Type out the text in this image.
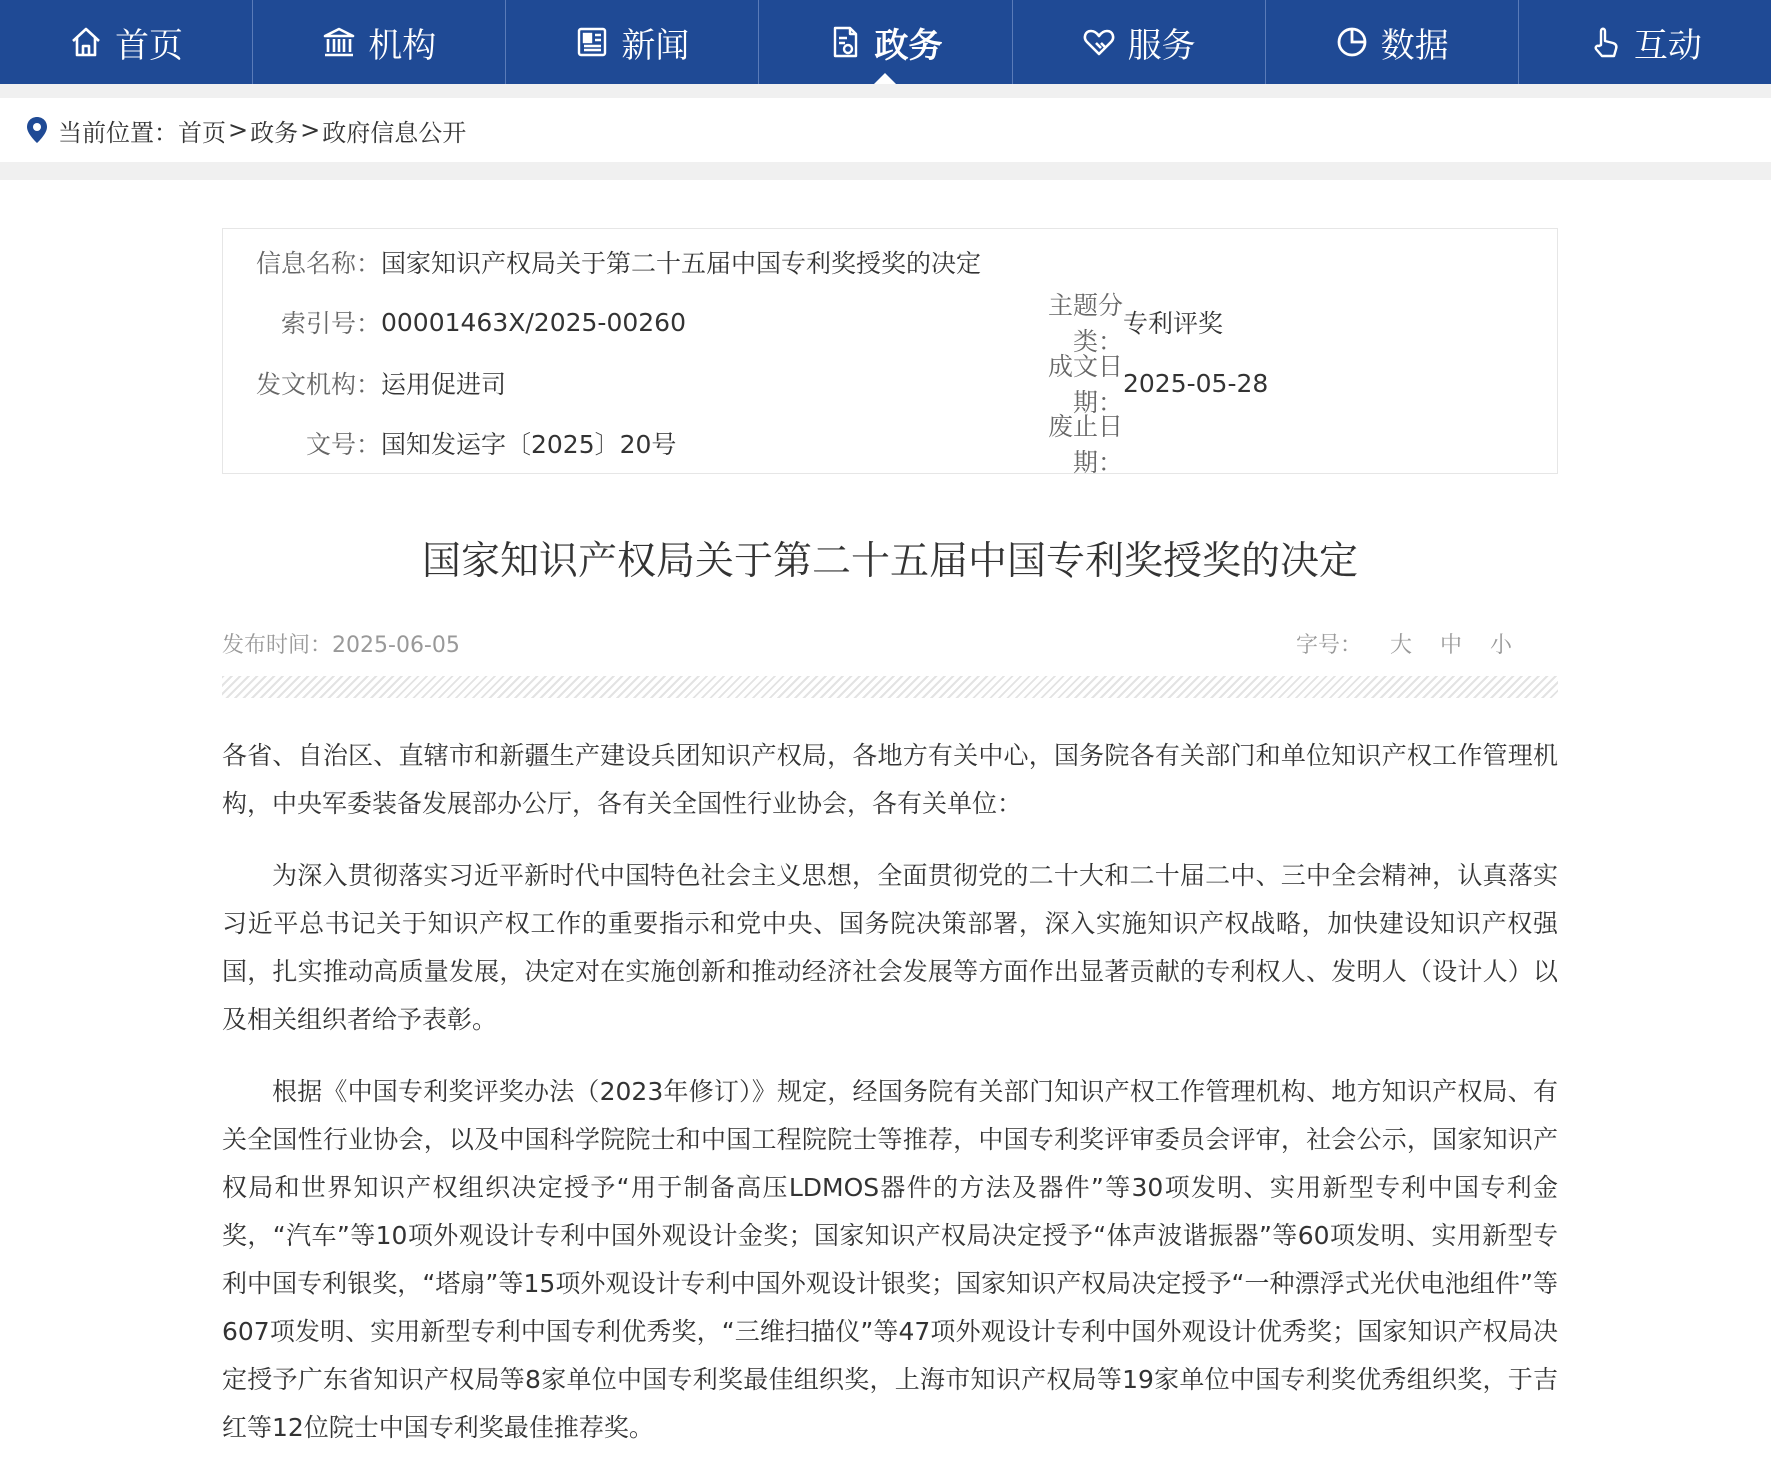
首页	机构	新闻	政务	服务	数据	互动
当前位置： 首页 > 政务 > 政府信息公开
信息名称： 国家知识产权局关于第二十五届中国专利奖授奖的决定
索引号： 00001463X/2025-00260
主题分类：
专利评奖
发文机构： 运用促进司
成文日期：
2025-05-28
文号： 国知发运字〔2025〕20号
废止日期：
国家知识产权局关于第二十五届中国专利奖授奖的决定
发布时间：2025-06-05	字号： 大 中 小

各省、自治区、直辖市和新疆生产建设兵团知识产权局，各地方有关中心，国务院各有关部门和单位知识产权工作管理机构，中央军委装备发展部办公厅，各有关全国性行业协会，各有关单位：

为深入贯彻落实习近平新时代中国特色社会主义思想，全面贯彻党的二十大和二十届二中、三中全会精神，认真落实习近平总书记关于知识产权工作的重要指示和党中央、国务院决策部署，深入实施知识产权战略，加快建设知识产权强国，扎实推动高质量发展，决定对在实施创新和推动经济社会发展等方面作出显著贡献的专利权人、发明人（设计人）以及相关组织者给予表彰。

根据《中国专利奖评奖办法（2023年修订）》规定，经国务院有关部门知识产权工作管理机构、地方知识产权局、有关全国性行业协会，以及中国科学院院士和中国工程院院士等推荐，中国专利奖评审委员会评审，社会公示，国家知识产权局和世界知识产权组织决定授予“用于制备高压LDMOS器件的方法及器件”等30项发明、实用新型专利中国专利金奖，“汽车”等10项外观设计专利中国外观设计金奖；国家知识产权局决定授予“体声波谐振器”等60项发明、实用新型专利中国专利银奖，“塔扇”等15项外观设计专利中国外观设计银奖；国家知识产权局决定授予“一种漂浮式光伏电池组件”等607项发明、实用新型专利中国专利优秀奖，“三维扫描仪”等47项外观设计专利中国外观设计优秀奖；国家知识产权局决定授予广东省知识产权局等8家单位中国专利奖最佳组织奖，上海市知识产权局等19家单位中国专利奖优秀组织奖，于吉红等12位院士中国专利奖最佳推荐奖。
